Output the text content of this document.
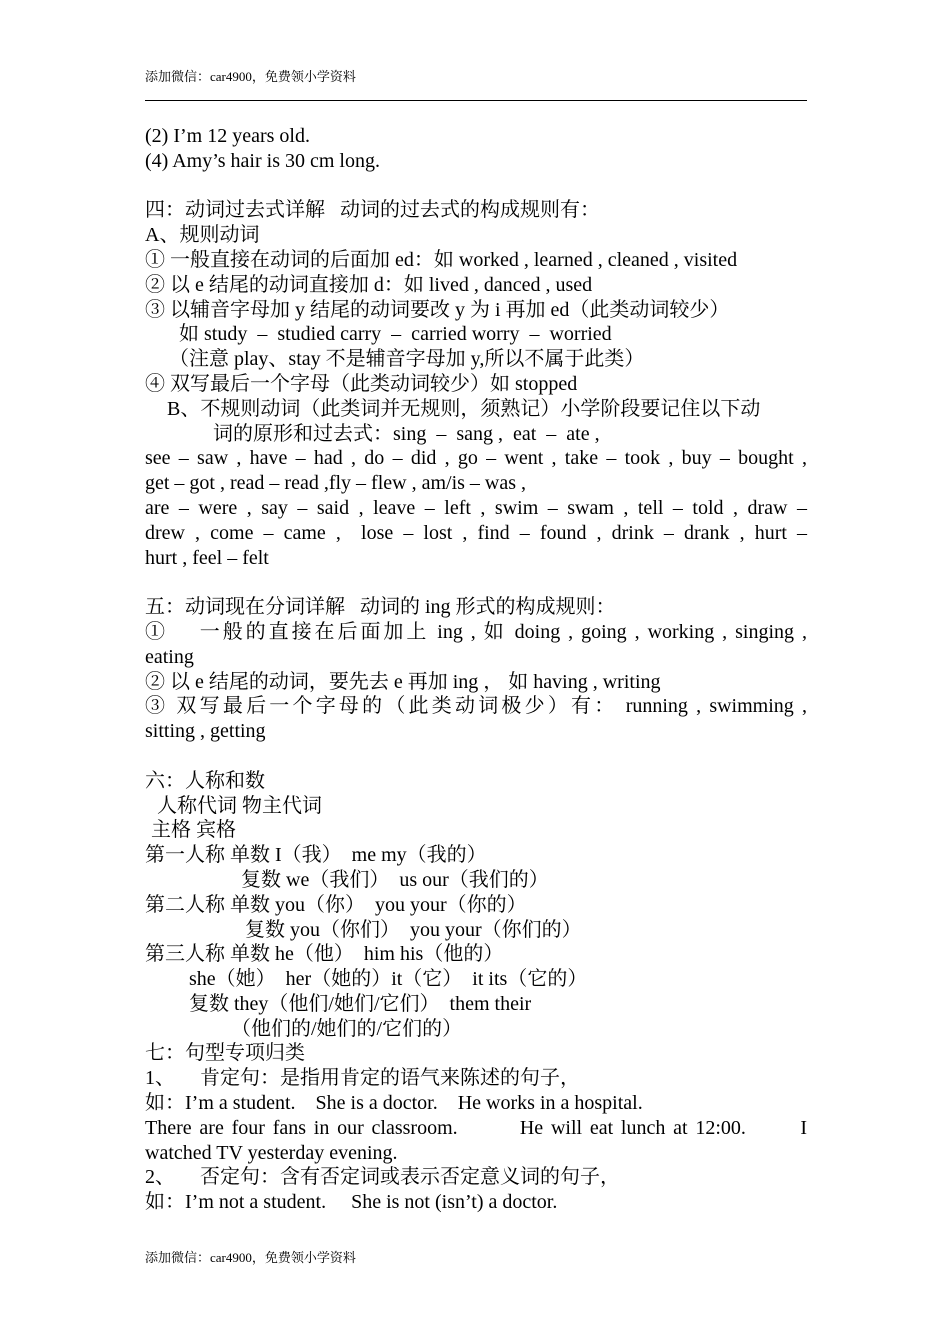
添加微信：car4900，免费领小学资料

(2) I’m 12 years old.

(4) Amy’s hair is 30 cm long.

四：动词过去式详解   动词的过去式的构成规则有：

A、规则动词

① 一般直接在动词的后面加 ed：如 worked , learned , cleaned , visited

② 以 e 结尾的动词直接加 d：如 lived , danced , used

③ 以辅音字母加 y 结尾的动词要改 y 为 i 再加 ed（此类动词较少）

如 study  –  studied carry  –  carried worry  –  worried

（注意 play、stay 不是辅音字母加 y,所以不属于此类）

④ 双写最后一个字母（此类动词较少）如 stopped

B、不规则动词（此类词并无规则，须熟记）小学阶段要记住以下动

词的原形和过去式：sing  –  sang ,  eat  –  ate ,

see – saw , have – had , do – did , go – went , take – took , buy – bought ,

get – got , read – read ,fly – flew , am/is – was ,

are – were , say – said , leave – left , swim – swam , tell – told , draw –

drew , come – came ,  lose – lost , find – found , drink – drank , hurt –

hurt , feel – felt

五：动词现在分词详解   动词的 ing 形式的构成规则：

①    一般的直接在后面加上 ing , 如 doing , going , working , singing ,

eating

② 以 e 结尾的动词，要先去 e 再加 ing ， 如 having , writing

③ 双写最后一个字母的（此类动词极少）有： running , swimming ,

sitting , getting

六：人称和数

人称代词 物主代词

主格 宾格

第一人称 单数 I（我）  me my（我的）

复数 we（我们）  us our（我们的）

第二人称 单数 you（你）  you your（你的）

复数 you（你们）  you your（你们的）

第三人称 单数 he（他）  him his（他的）

she（她）  her（她的）it（它）  it its（它的）

复数 they（他们/她们/它们）  them their

（他们的/她们的/它们的）

七：句型专项归类

1、     肯定句：是指用肯定的语气来陈述的句子，

如：I’m a student.    She is a doctor.    He works in a hospital.

There are four fans in our classroom.        He will eat lunch at 12:00.       I

watched TV yesterday evening.

2、     否定句：含有否定词或表示否定意义词的句子，

如：I’m not a student.     She is not (isn’t) a doctor.

添加微信：car4900，免费领小学资料
